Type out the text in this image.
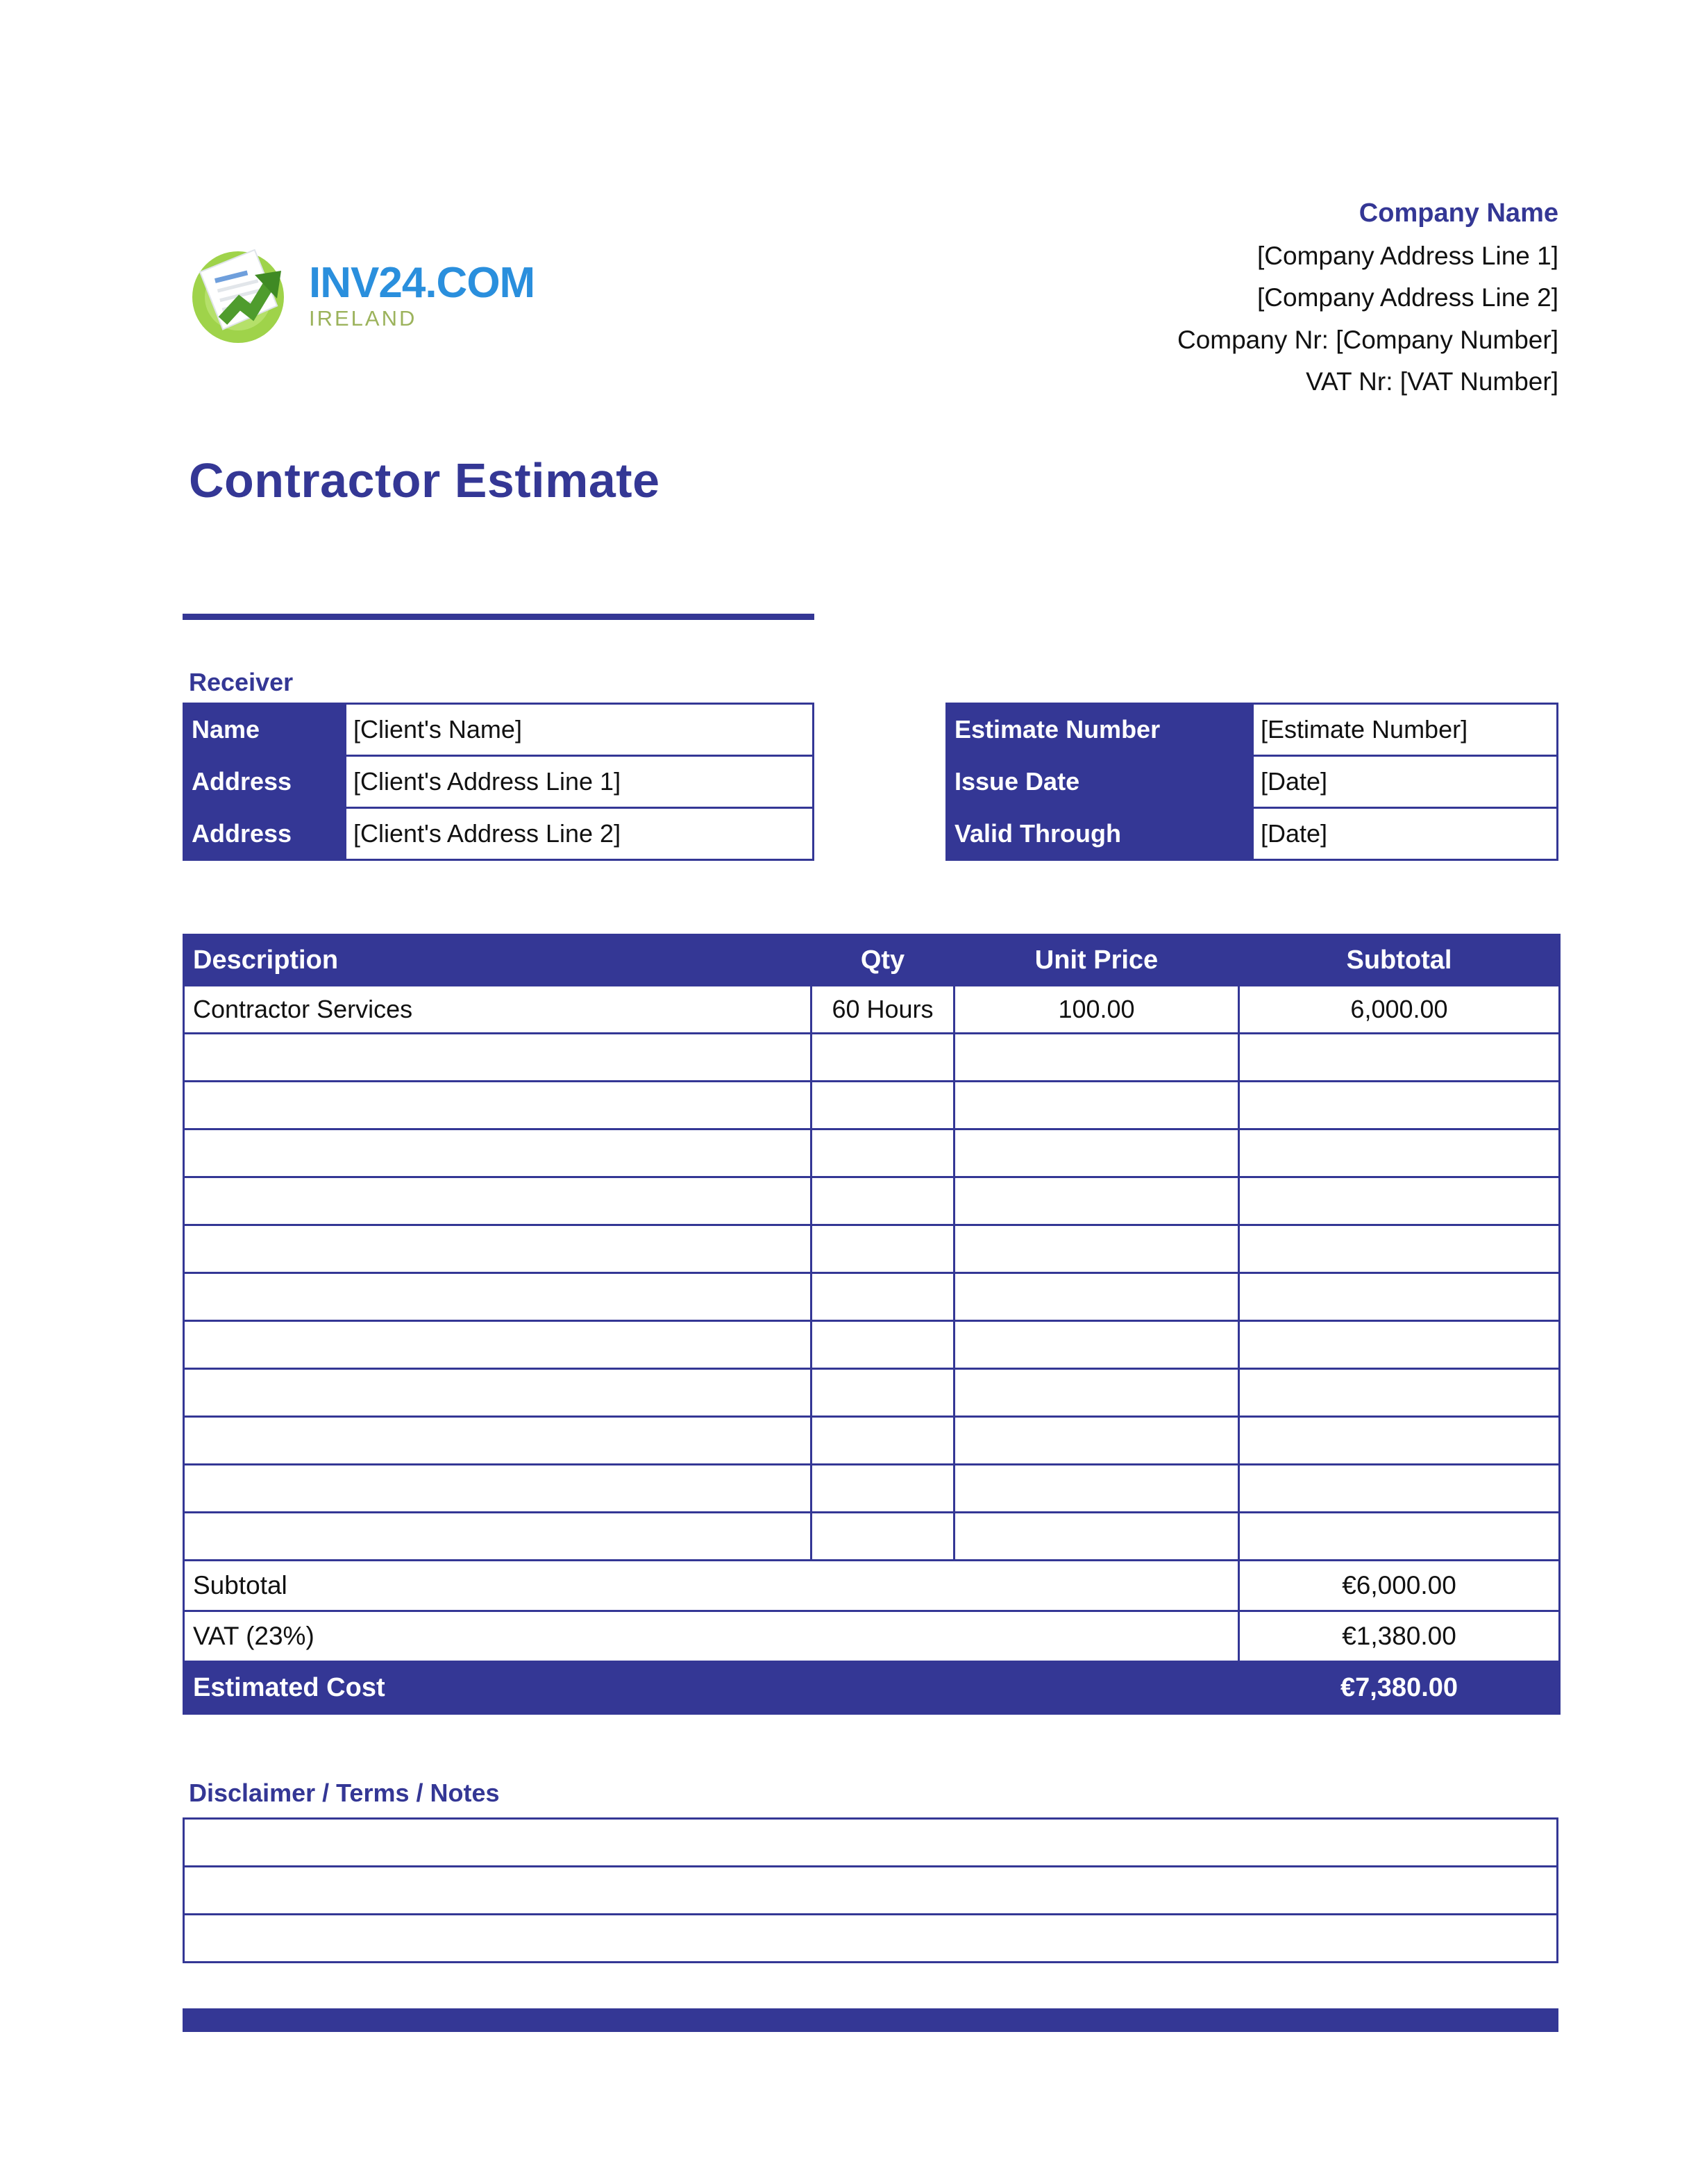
INV24.COM
IRELAND
Company Name
[Company Address Line 1]
[Company Address Line 2]
Company Nr: [Company Number]
VAT Nr: [VAT Number]
Contractor Estimate
Receiver
Name	[Client's Name]
Address	[Client's Address Line 1]
Address	[Client's Address Line 2]
Estimate Number	[Estimate Number]
Issue Date	[Date]
Valid Through	[Date]
Description	Qty	Unit Price	Subtotal
Contractor Services	60 Hours	100.00	6,000.00

Subtotal			€6,000.00
VAT (23%)			€1,380.00
Estimated Cost			€7,380.00
Disclaimer / Terms / Notes
